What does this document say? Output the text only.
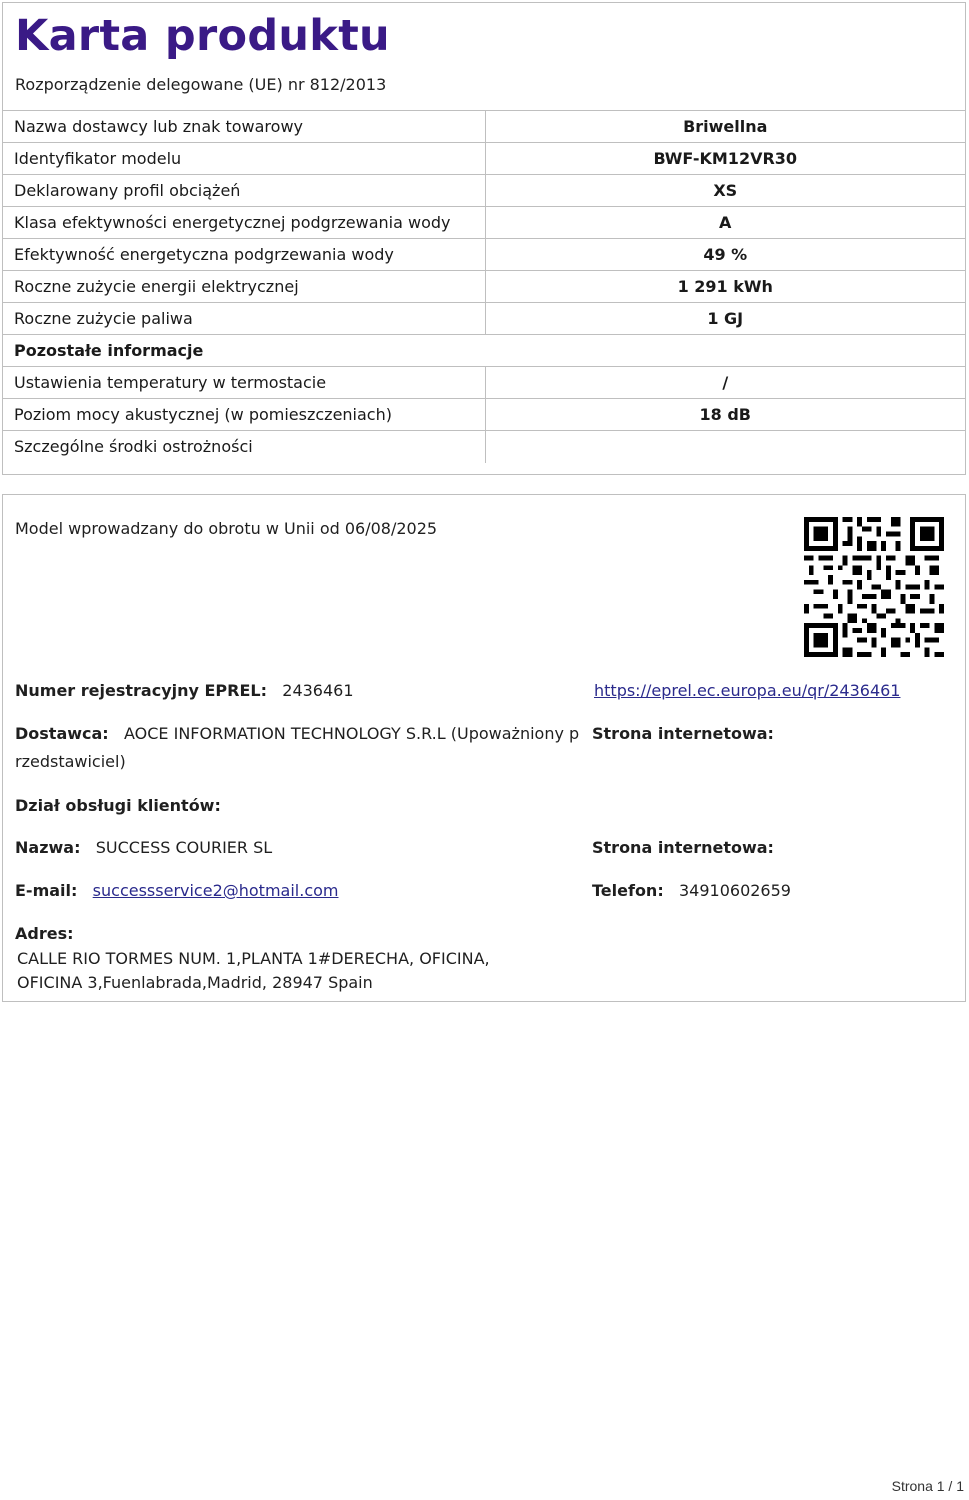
Karta produktu
Rozporządzenie delegowane (UE) nr 812/2013
Nazwa dostawcy lub znak towarowy	Briwellna
Identyfikator modelu	BWF-KM12VR30
Deklarowany profil obciążeń	XS
Klasa efektywności energetycznej podgrzewania wody	A
Efektywność energetyczna podgrzewania wody	49 %
Roczne zużycie energii elektrycznej	1 291 kWh
Roczne zużycie paliwa	1 GJ
Pozostałe informacje	
Ustawienia temperatury w termostacie	/
Poziom mocy akustycznej (w pomieszczeniach)	18 dB
Szczególne środki ostrożności	
Model wprowadzany do obrotu w Unii od 06/08/2025
Numer rejestracyjny EPREL: 2436461	https://eprel.ec.europa.eu/qr/2436461
Dostawca: AOCE INFORMATION TECHNOLOGY S.R.L (Upoważniony p
rzedstawiciel)
Strona internetowa:
Dział obsługi klientów:
Nazwa: SUCCESS COURIER SL	Strona internetowa:
E-mail: successservice2@hotmail.com	Telefon: 34910602659
Adres:
CALLE RIO TORMES NUM. 1,PLANTA 1#DERECHA, OFICINA,
OFICINA 3,Fuenlabrada,Madrid, 28947 Spain
Strona 1 / 1
